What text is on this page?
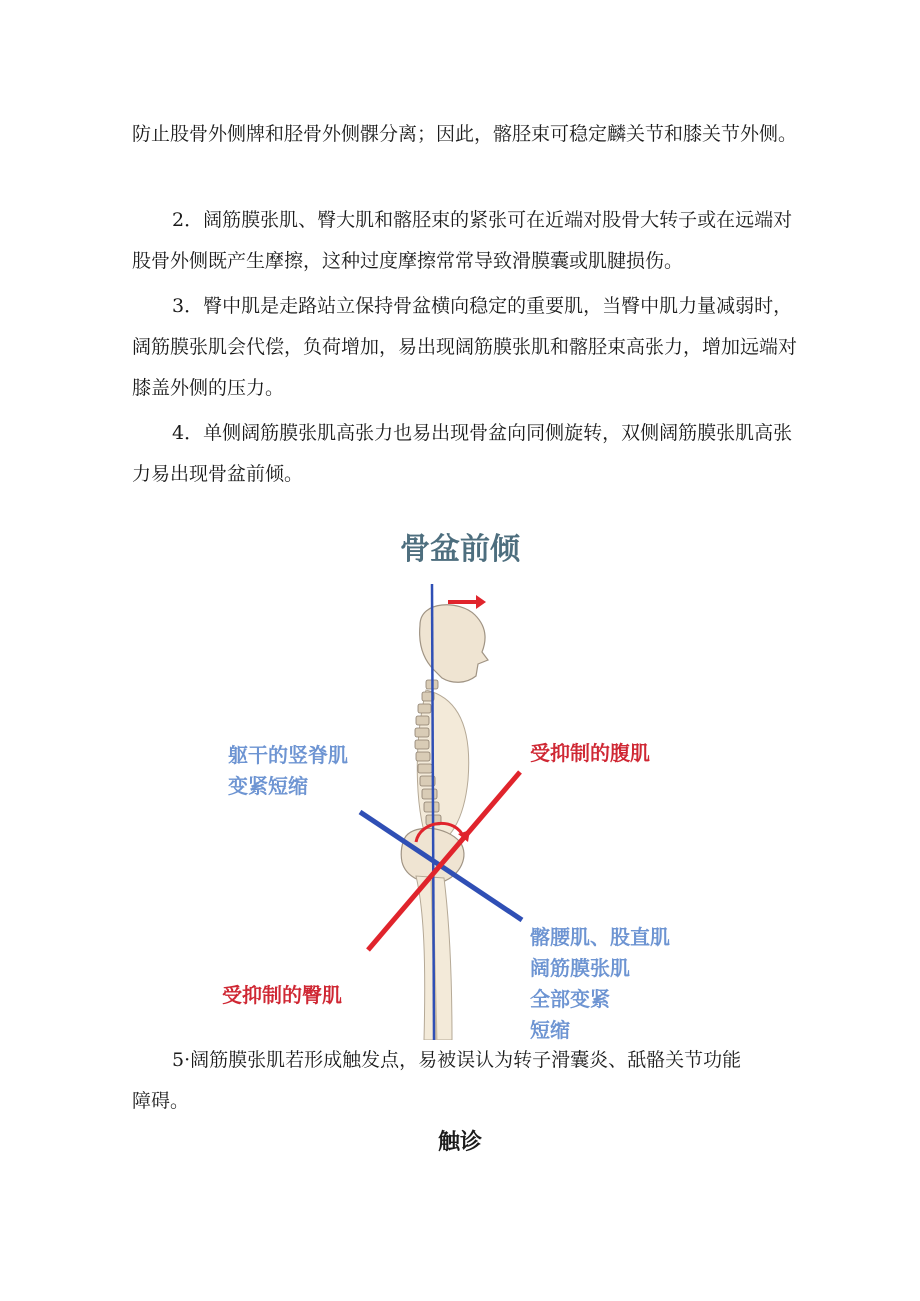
防止股骨外侧牌和胫骨外侧髁分离；因此，髂胫束可稳定麟关节和膝关节外侧。

2．阔筋膜张肌、臀大肌和髂胫束的紧张可在近端对股骨大转子或在远端对股骨外侧既产生摩擦，这种过度摩擦常常导致滑膜囊或肌腱损伤。

3．臀中肌是走路站立保持骨盆横向稳定的重要肌，当臀中肌力量减弱时，阔筋膜张肌会代偿，负荷增加，易出现阔筋膜张肌和髂胫束高张力，增加远端对膝盖外侧的压力。

4．单侧阔筋膜张肌高张力也易出现骨盆向同侧旋转，双侧阔筋膜张肌高张力易出现骨盆前倾。

骨盆前倾
躯干的竖脊肌
变紧短缩
受抑制的腹肌
髂腰肌、股直肌
阔筋膜张肌
全部变紧
短缩
受抑制的臀肌

5·阔筋膜张肌若形成触发点，易被误认为转子滑囊炎、舐骼关节功能障碍。

触诊
